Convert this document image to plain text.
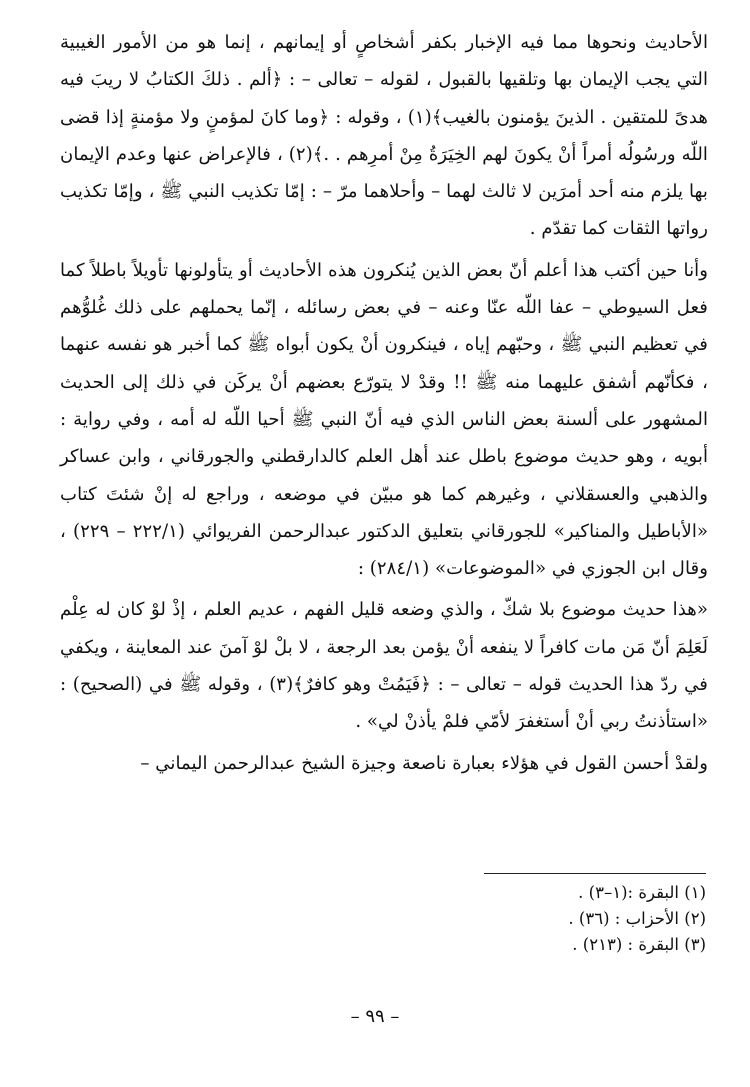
الأحاديث ونحوها مما فيه الإخبار بكفر أشخاصٍ أو إيمانهم ، إنما هو من الأمور الغيبية التي يجب الإيمان بها وتلقيها بالقبول ، لقوله – تعالى – : ﴿ألم . ذلكَ الكتابُ لا ريبَ فيه هدىً للمتقين . الذينَ يؤمنون بالغيب﴾(١) ، وقوله : ﴿وما كانَ لمؤمنٍ ولا مؤمنةٍ إذا قضى اللّه ورسُولُه أمراً أنْ يكونَ لهم الخِيَرَةُ مِنْ أمرِهم . .﴾(٢) ، فالإعراض عنها وعدم الإيمان بها يلزم منه أحد أمرَين لا ثالث لهما – وأحلاهما مرّ – : إمّا تكذيب النبي ﷺ ، وإمّا تكذيب رواتها الثقات كما تقدّم .

وأنا حين أكتب هذا أعلم أنّ بعض الذين يُنكرون هذه الأحاديث أو يتأولونها تأويلاً باطلاً كما فعل السيوطي – عفا اللّه عنّا وعنه – في بعض رسائله ، إنّما يحملهم على ذلك غُلوُّهم في تعظيم النبي ﷺ ، وحبّهم إياه ، فينكرون أنْ يكون أبواه ﷺ كما أخبر هو نفسه عنهما ، فكأنّهم أشفق عليهما منه ﷺ !! وقدْ لا يتورّع بعضهم أنْ يركَن في ذلك إلى الحديث المشهور على ألسنة بعض الناس الذي فيه أنّ النبي ﷺ أحيا اللّه له أمه ، وفي رواية : أبويه ، وهو حديث موضوع باطل عند أهل العلم كالدارقطني والجورقاني ، وابن عساكر والذهبي والعسقلاني ، وغيرهم كما هو مبيّن في موضعه ، وراجع له إنْ شئتَ كتاب «الأباطيل والمناكير» للجورقاني بتعليق الدكتور عبدالرحمن الفريوائي (٢٢٢/١ – ٢٢٩) ، وقال ابن الجوزي في «الموضوعات» (٢٨٤/١) :

«هذا حديث موضوع بلا شكّ ، والذي وضعه قليل الفهم ، عديم العلم ، إذْ لوْ كان له عِلْم لَعَلِمَ أنّ مَن مات كافراً لا ينفعه أنْ يؤمن بعد الرجعة ، لا بلْ لوْ آمنَ عند المعاينة ، ويكفي في ردّ هذا الحديث قوله – تعالى – : ﴿فَيَمُتْ وهو كافرٌ﴾(٣) ، وقوله ﷺ في (الصحيح) : «استأذنتُ ربي أنْ أستغفرَ لأمّي فلمْ يأذنْ لي» .

ولقدْ أحسن القول في هؤلاء بعبارة ناصعة وجيزة الشيخ عبدالرحمن اليماني –

(١) البقرة :(١–٣) .

(٢) الأحزاب : (٣٦) .

(٣) البقرة : (٢١٣) .

– ٩٩ –
